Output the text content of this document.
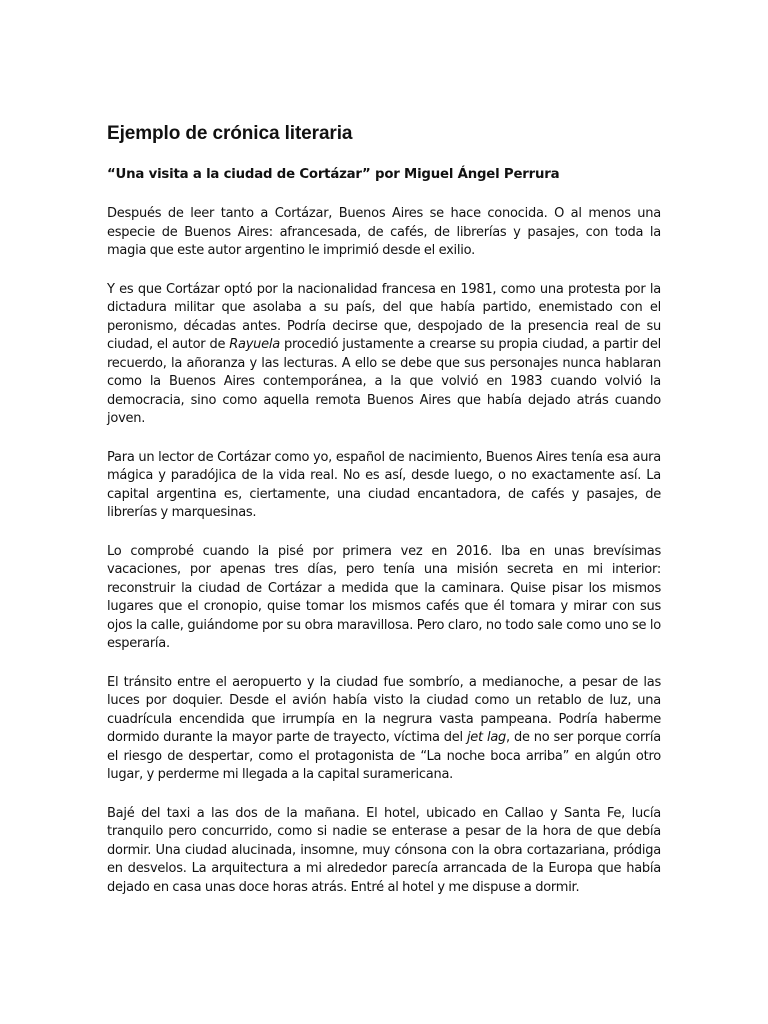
Ejemplo de crónica literaria

“Una visita a la ciudad de Cortázar” por Miguel Ángel Perrura

Después de leer tanto a Cortázar, Buenos Aires se hace conocida. O al menos una especie de Buenos Aires: afrancesada, de cafés, de librerías y pasajes, con toda la magia que este autor argentino le imprimió desde el exilio.

Y es que Cortázar optó por la nacionalidad francesa en 1981, como una protesta por la dictadura militar que asolaba a su país, del que había partido, enemistado con el peronismo, décadas antes. Podría decirse que, despojado de la presencia real de su ciudad, el autor de Rayuela procedió justamente a crearse su propia ciudad, a partir del recuerdo, la añoranza y las lecturas. A ello se debe que sus personajes nunca hablaran como la Buenos Aires contemporánea, a la que volvió en 1983 cuando volvió la democracia, sino como aquella remota Buenos Aires que había dejado atrás cuando joven.

Para un lector de Cortázar como yo, español de nacimiento, Buenos Aires tenía esa aura mágica y paradójica de la vida real. No es así, desde luego, o no exactamente así. La capital argentina es, ciertamente, una ciudad encantadora, de cafés y pasajes, de librerías y marquesinas.

Lo comprobé cuando la pisé por primera vez en 2016. Iba en unas brevísimas vacaciones, por apenas tres días, pero tenía una misión secreta en mi interior: reconstruir la ciudad de Cortázar a medida que la caminara. Quise pisar los mismos lugares que el cronopio, quise tomar los mismos cafés que él tomara y mirar con sus ojos la calle, guiándome por su obra maravillosa. Pero claro, no todo sale como uno se lo esperaría.

El tránsito entre el aeropuerto y la ciudad fue sombrío, a medianoche, a pesar de las luces por doquier. Desde el avión había visto la ciudad como un retablo de luz, una cuadrícula encendida que irrumpía en la negrura vasta pampeana. Podría haberme dormido durante la mayor parte de trayecto, víctima del jet lag, de no ser porque corría el riesgo de despertar, como el protagonista de “La noche boca arriba” en algún otro lugar, y perderme mi llegada a la capital suramericana.

Bajé del taxi a las dos de la mañana. El hotel, ubicado en Callao y Santa Fe, lucía tranquilo pero concurrido, como si nadie se enterase a pesar de la hora de que debía dormir. Una ciudad alucinada, insomne, muy cónsona con la obra cortazariana, pródiga en desvelos. La arquitectura a mi alrededor parecía arrancada de la Europa que había dejado en casa unas doce horas atrás. Entré al hotel y me dispuse a dormir.
